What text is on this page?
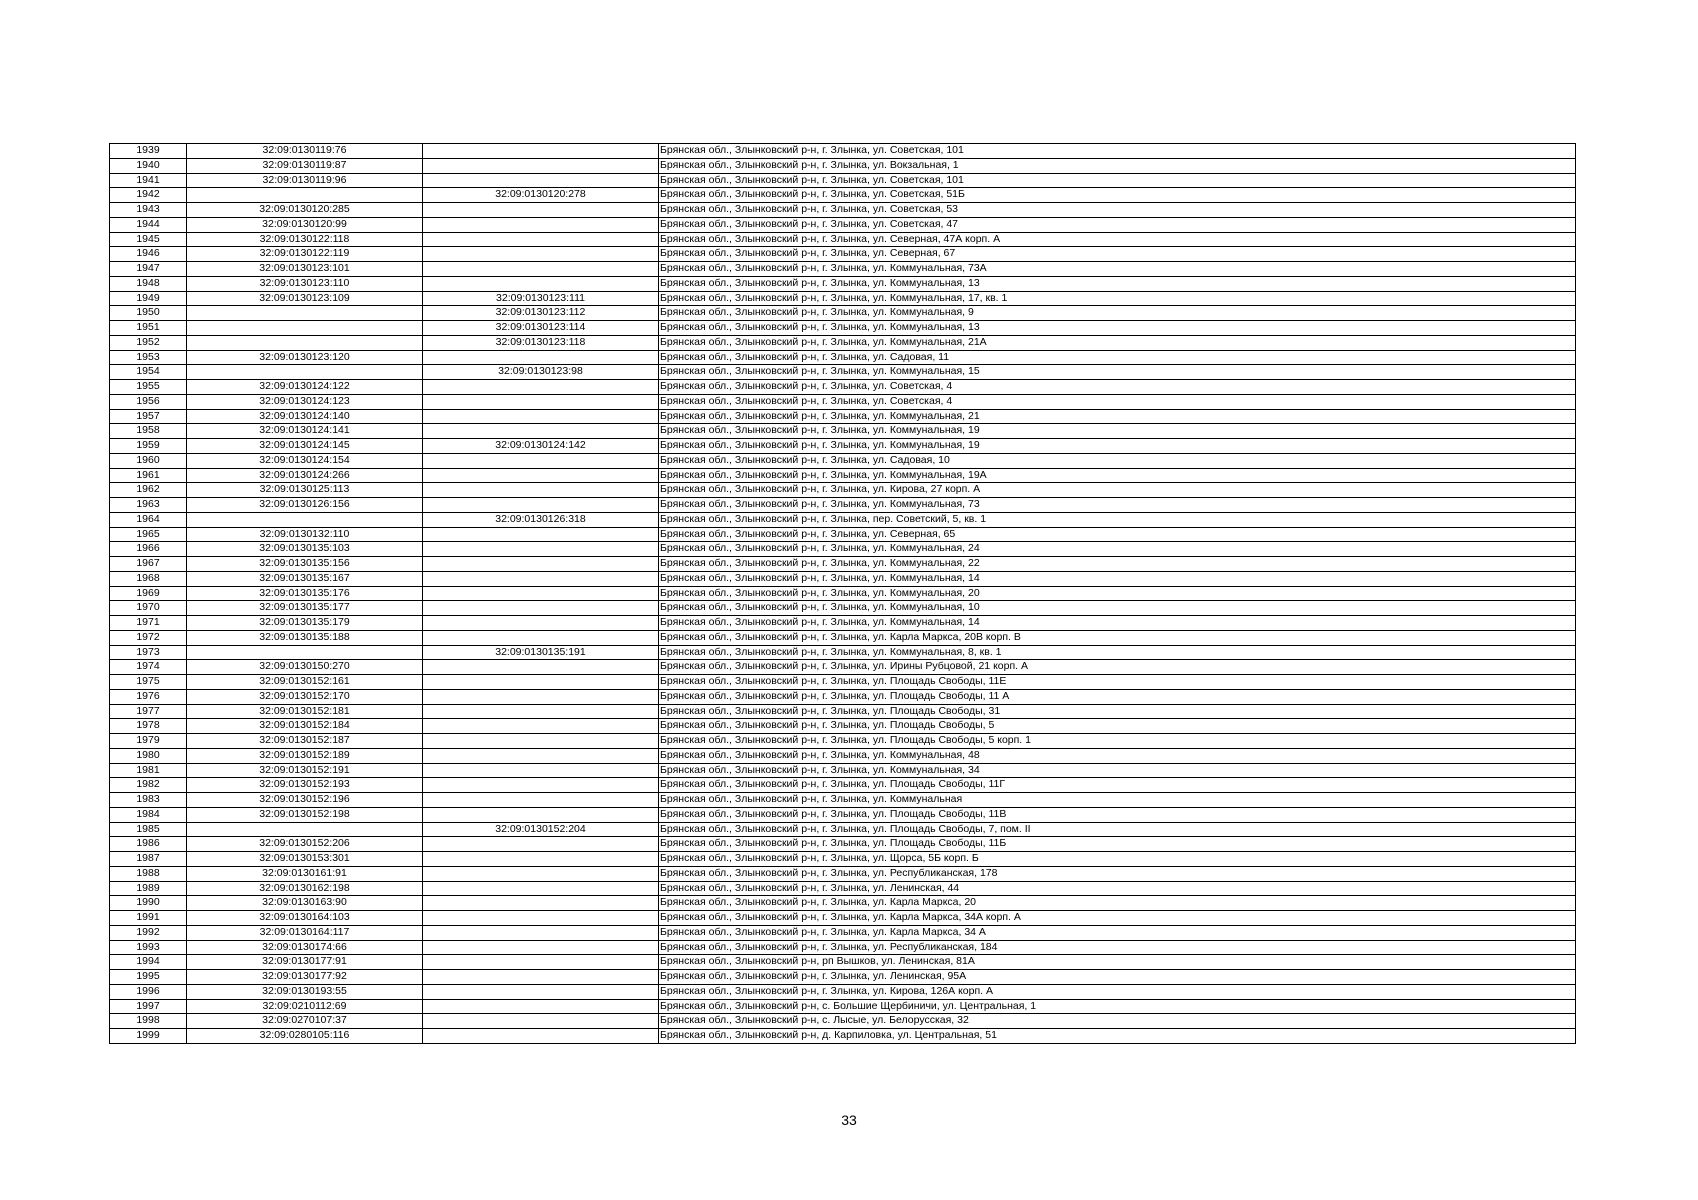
1939	32:09:0130119:76		Брянская обл., Злынковский р-н, г. Злынка, ул. Советская, 101
1940	32:09:0130119:87		Брянская обл., Злынковский р-н, г. Злынка, ул. Вокзальная, 1
1941	32:09:0130119:96		Брянская обл., Злынковский р-н, г. Злынка, ул. Советская, 101
1942		32:09:0130120:278	Брянская обл., Злынковский р-н, г. Злынка, ул. Советская, 51Б
1943	32:09:0130120:285		Брянская обл., Злынковский р-н, г. Злынка, ул. Советская, 53
1944	32:09:0130120:99		Брянская обл., Злынковский р-н, г. Злынка, ул. Советская, 47
1945	32:09:0130122:118		Брянская обл., Злынковский р-н, г. Злынка, ул. Северная, 47А корп. А
1946	32:09:0130122:119		Брянская обл., Злынковский р-н, г. Злынка, ул. Северная, 67
1947	32:09:0130123:101		Брянская обл., Злынковский р-н, г. Злынка, ул. Коммунальная, 73А
1948	32:09:0130123:110		Брянская обл., Злынковский р-н, г. Злынка, ул. Коммунальная, 13
1949	32:09:0130123:109	32:09:0130123:111	Брянская обл., Злынковский р-н, г. Злынка, ул. Коммунальная, 17, кв. 1
1950		32:09:0130123:112	Брянская обл., Злынковский р-н, г. Злынка, ул. Коммунальная, 9
1951		32:09:0130123:114	Брянская обл., Злынковский р-н, г. Злынка, ул. Коммунальная, 13
1952		32:09:0130123:118	Брянская обл., Злынковский р-н, г. Злынка, ул. Коммунальная, 21А
1953	32:09:0130123:120		Брянская обл., Злынковский р-н, г. Злынка, ул. Садовая, 11
1954		32:09:0130123:98	Брянская обл., Злынковский р-н, г. Злынка, ул. Коммунальная, 15
1955	32:09:0130124:122		Брянская обл., Злынковский р-н, г. Злынка, ул. Советская, 4
1956	32:09:0130124:123		Брянская обл., Злынковский р-н, г. Злынка, ул. Советская, 4
1957	32:09:0130124:140		Брянская обл., Злынковский р-н, г. Злынка, ул. Коммунальная, 21
1958	32:09:0130124:141		Брянская обл., Злынковский р-н, г. Злынка, ул. Коммунальная, 19
1959	32:09:0130124:145	32:09:0130124:142	Брянская обл., Злынковский р-н, г. Злынка, ул. Коммунальная, 19
1960	32:09:0130124:154		Брянская обл., Злынковский р-н, г. Злынка, ул. Садовая, 10
1961	32:09:0130124:266		Брянская обл., Злынковский р-н, г. Злынка, ул. Коммунальная, 19А
1962	32:09:0130125:113		Брянская обл., Злынковский р-н, г. Злынка, ул. Кирова, 27 корп. А
1963	32:09:0130126:156		Брянская обл., Злынковский р-н, г. Злынка, ул. Коммунальная, 73
1964		32:09:0130126:318	Брянская обл., Злынковский р-н, г. Злынка, пер. Советский, 5, кв. 1
1965	32:09:0130132:110		Брянская обл., Злынковский р-н, г. Злынка, ул. Северная, 65
1966	32:09:0130135:103		Брянская обл., Злынковский р-н, г. Злынка, ул. Коммунальная, 24
1967	32:09:0130135:156		Брянская обл., Злынковский р-н, г. Злынка, ул. Коммунальная, 22
1968	32:09:0130135:167		Брянская обл., Злынковский р-н, г. Злынка, ул. Коммунальная, 14
1969	32:09:0130135:176		Брянская обл., Злынковский р-н, г. Злынка, ул. Коммунальная, 20
1970	32:09:0130135:177		Брянская обл., Злынковский р-н, г. Злынка, ул. Коммунальная, 10
1971	32:09:0130135:179		Брянская обл., Злынковский р-н, г. Злынка, ул. Коммунальная, 14
1972	32:09:0130135:188		Брянская обл., Злынковский р-н, г. Злынка, ул. Карла Маркса, 20В корп. В
1973		32:09:0130135:191	Брянская обл., Злынковский р-н, г. Злынка, ул. Коммунальная, 8, кв. 1
1974	32:09:0130150:270		Брянская обл., Злынковский р-н, г. Злынка, ул. Ирины Рубцовой, 21 корп. А
1975	32:09:0130152:161		Брянская обл., Злынковский р-н, г. Злынка, ул. Площадь Свободы, 11Е
1976	32:09:0130152:170		Брянская обл., Злынковский р-н, г. Злынка, ул. Площадь Свободы, 11 А
1977	32:09:0130152:181		Брянская обл., Злынковский р-н, г. Злынка, ул. Площадь Свободы, 31
1978	32:09:0130152:184		Брянская обл., Злынковский р-н, г. Злынка, ул. Площадь Свободы, 5
1979	32:09:0130152:187		Брянская обл., Злынковский р-н, г. Злынка, ул. Площадь Свободы, 5 корп. 1
1980	32:09:0130152:189		Брянская обл., Злынковский р-н, г. Злынка, ул. Коммунальная, 48
1981	32:09:0130152:191		Брянская обл., Злынковский р-н, г. Злынка, ул. Коммунальная, 34
1982	32:09:0130152:193		Брянская обл., Злынковский р-н, г. Злынка, ул. Площадь Свободы, 11Г
1983	32:09:0130152:196		Брянская обл., Злынковский р-н, г. Злынка, ул. Коммунальная
1984	32:09:0130152:198		Брянская обл., Злынковский р-н, г. Злынка, ул. Площадь Свободы, 11В
1985		32:09:0130152:204	Брянская обл., Злынковский р-н, г. Злынка, ул. Площадь Свободы, 7, пом. II
1986	32:09:0130152:206		Брянская обл., Злынковский р-н, г. Злынка, ул. Площадь Свободы, 11Б
1987	32:09:0130153:301		Брянская обл., Злынковский р-н, г. Злынка, ул. Щорса, 5Б корп. Б
1988	32:09:0130161:91		Брянская обл., Злынковский р-н, г. Злынка, ул. Республиканская, 178
1989	32:09:0130162:198		Брянская обл., Злынковский р-н, г. Злынка, ул. Ленинская, 44
1990	32:09:0130163:90		Брянская обл., Злынковский р-н, г. Злынка, ул. Карла Маркса, 20
1991	32:09:0130164:103		Брянская обл., Злынковский р-н, г. Злынка, ул. Карла Маркса, 34А корп. А
1992	32:09:0130164:117		Брянская обл., Злынковский р-н, г. Злынка, ул. Карла Маркса, 34 А
1993	32:09:0130174:66		Брянская обл., Злынковский р-н, г. Злынка, ул. Республиканская, 184
1994	32:09:0130177:91		Брянская обл., Злынковский р-н, рп Вышков, ул. Ленинская, 81А
1995	32:09:0130177:92		Брянская обл., Злынковский р-н, г. Злынка, ул. Ленинская, 95А
1996	32:09:0130193:55		Брянская обл., Злынковский р-н, г. Злынка, ул. Кирова, 126А корп. А
1997	32:09:0210112:69		Брянская обл., Злынковский р-н, с. Большие Щербиничи, ул. Центральная, 1
1998	32:09:0270107:37		Брянская обл., Злынковский р-н, с. Лысые, ул. Белорусская, 32
1999	32:09:0280105:116		Брянская обл., Злынковский р-н, д. Карпиловка, ул. Центральная, 51
33
